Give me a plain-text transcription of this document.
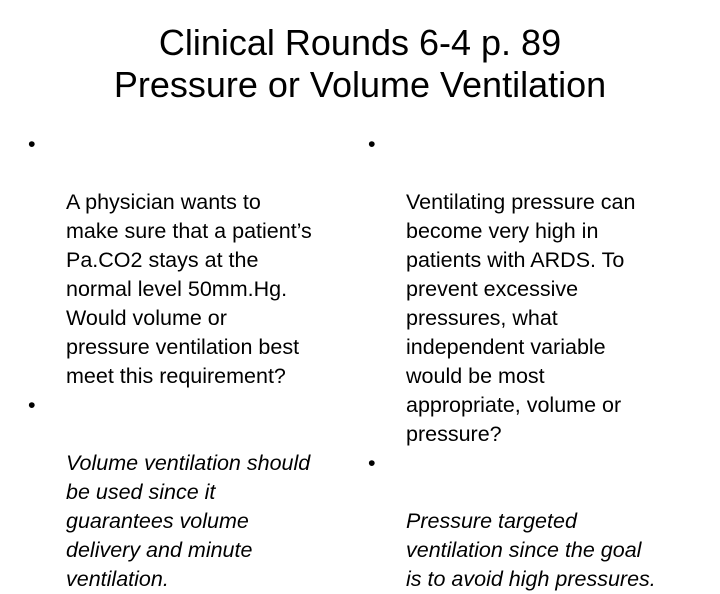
Clinical Rounds 6-4 p. 89
Pressure or Volume Ventilation

•

A physician wants to
make sure that a patient’s
Pa.CO2 stays at the
normal level 50mm.Hg.
Would volume or
pressure ventilation best
meet this requirement?

•

Volume ventilation should
be used since it
guarantees volume
delivery and minute
ventilation.

•

Ventilating pressure can
become very high in
patients with ARDS. To
prevent excessive
pressures, what
independent variable
would be most
appropriate, volume or
pressure?

•

Pressure targeted
ventilation since the goal
is to avoid high pressures.
